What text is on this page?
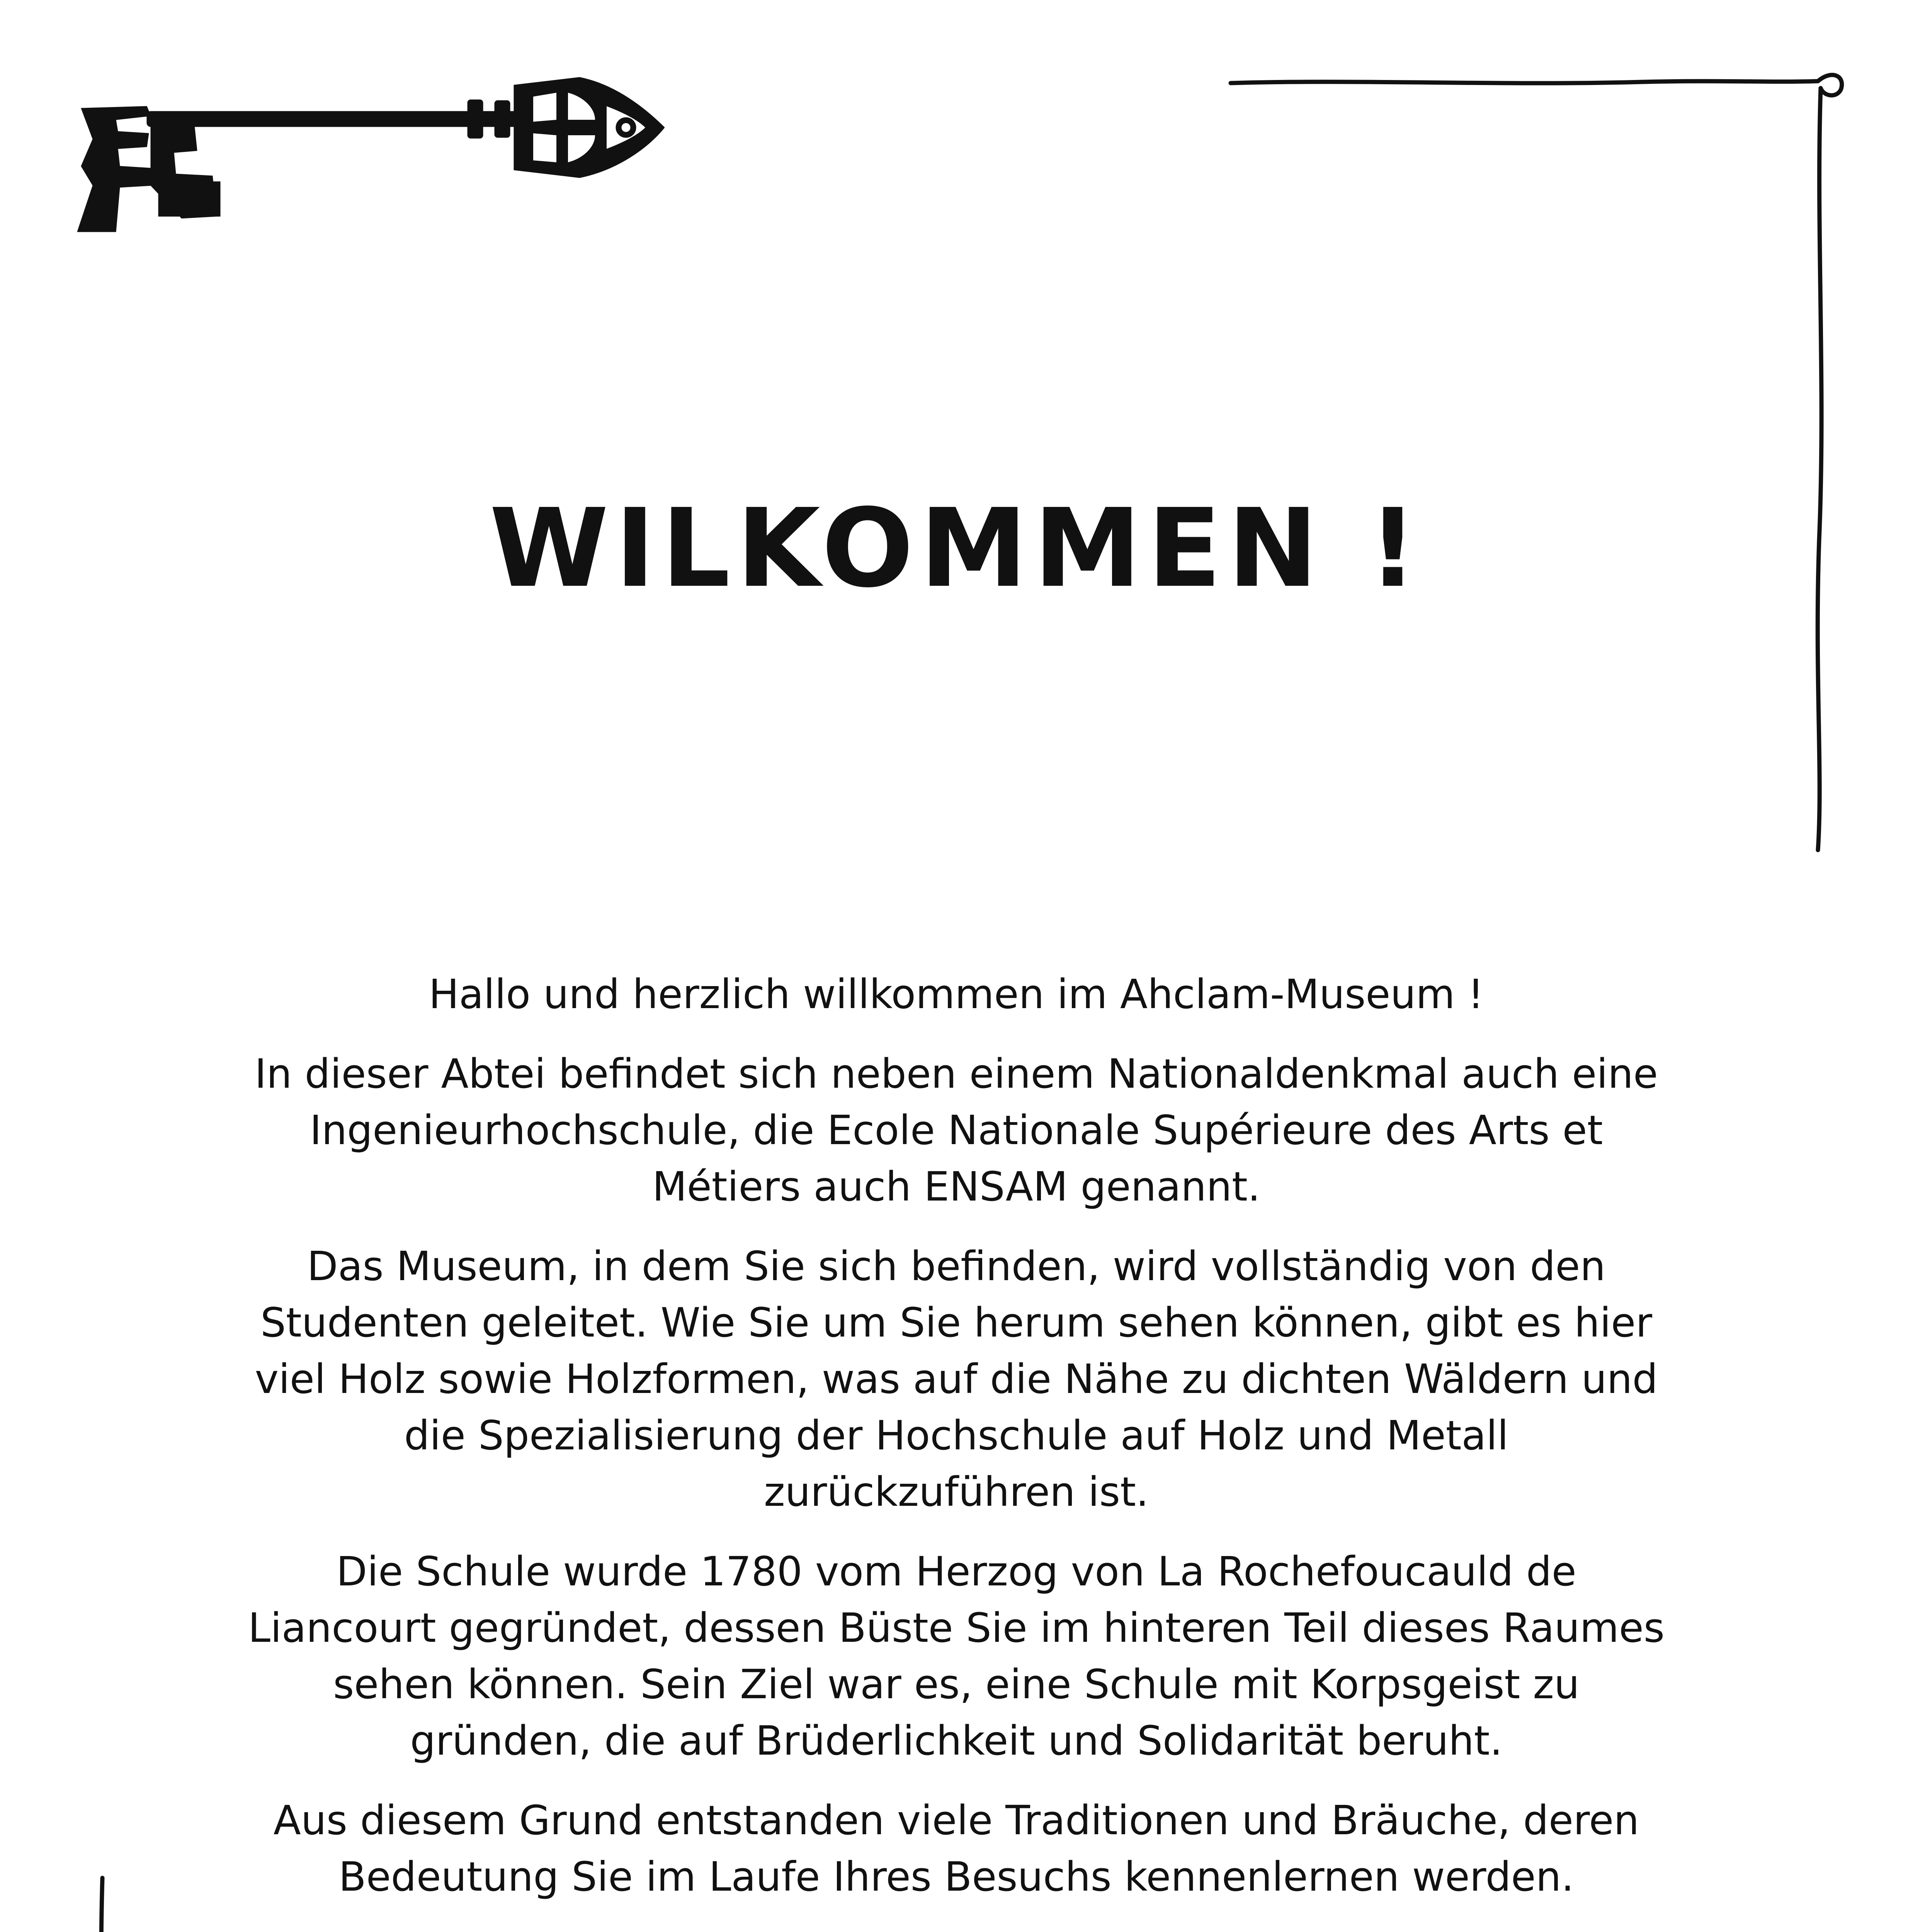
WILKOMMEN !

Hallo und herzlich willkommen im Ahclam-Museum !

In dieser Abtei befindet sich neben einem Nationaldenkmal auch eine Ingenieurhochschule, die Ecole Nationale Supérieure des Arts et Métiers auch ENSAM genannt.

Das Museum, in dem Sie sich befinden, wird vollständig von den Studenten geleitet. Wie Sie um Sie herum sehen können, gibt es hier viel Holz sowie Holzformen, was auf die Nähe zu dichten Wäldern und die Spezialisierung der Hochschule auf Holz und Metall zurückzuführen ist.

Die Schule wurde 1780 vom Herzog von La Rochefoucauld de Liancourt gegründet, dessen Büste Sie im hinteren Teil dieses Raumes sehen können. Sein Ziel war es, eine Schule mit Korpsgeist zu gründen, die auf Brüderlichkeit und Solidarität beruht.

Aus diesem Grund entstanden viele Traditionen und Bräuche, deren Bedeutung Sie im Laufe Ihres Besuchs kennenlernen werden.
